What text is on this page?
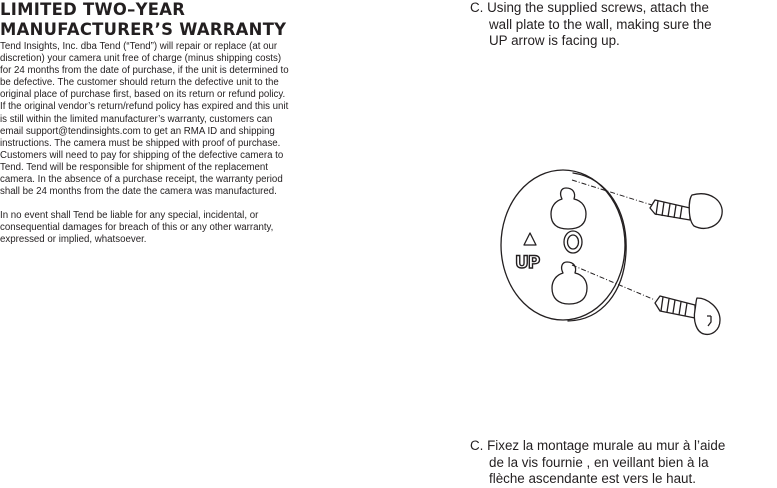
LIMITED TWO–YEAR
MANUFACTURER’S WARRANTY

Tend Insights, Inc. dba Tend (“Tend”) will repair or replace (at our
discretion) your camera unit free of charge (minus shipping costs)
for 24 months from the date of purchase, if the unit is determined to
be defective. The customer should return the defective unit to the
original place of purchase first, based on its return or refund policy.
If the original vendor’s return/refund policy has expired and this unit
is still within the limited manufacturer’s warranty, customers can
email support@tendinsights.com to get an RMA ID and shipping
instructions. The camera must be shipped with proof of purchase.
Customers will need to pay for shipping of the defective camera to
Tend. Tend will be responsible for shipment of the replacement
camera. In the absence of a purchase receipt, the warranty period
shall be 24 months from the date the camera was manufactured.

In no event shall Tend be liable for any special, incidental, or
consequential damages for breach of this or any other warranty,
expressed or implied, whatsoever.

C. Using the supplied screws, attach the
wall plate to the wall, making sure the
UP arrow is facing up.

UP

C. Fixez la montage murale au mur à l’aide
de la vis fournie , en veillant bien à la
flèche ascendante est vers le haut.
